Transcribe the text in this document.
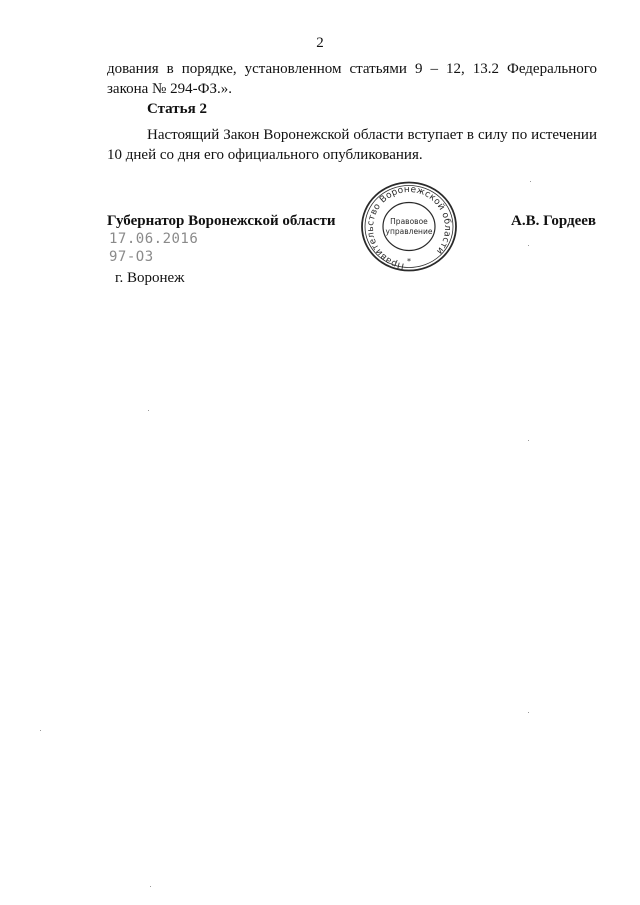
2
дования в порядке, установленном статьями 9 – 12, 13.2 Федерального закона № 294-ФЗ.».
Статья 2
Настоящий Закон Воронежской области вступает в силу по истечении 10 дней со дня его официального опубликования.
Губернатор Воронежской области	А.В. Гордеев
17.06.2016
97-ОЗ
г. Воронеж
Правительство Воронежской области
Правовое
управление
*
